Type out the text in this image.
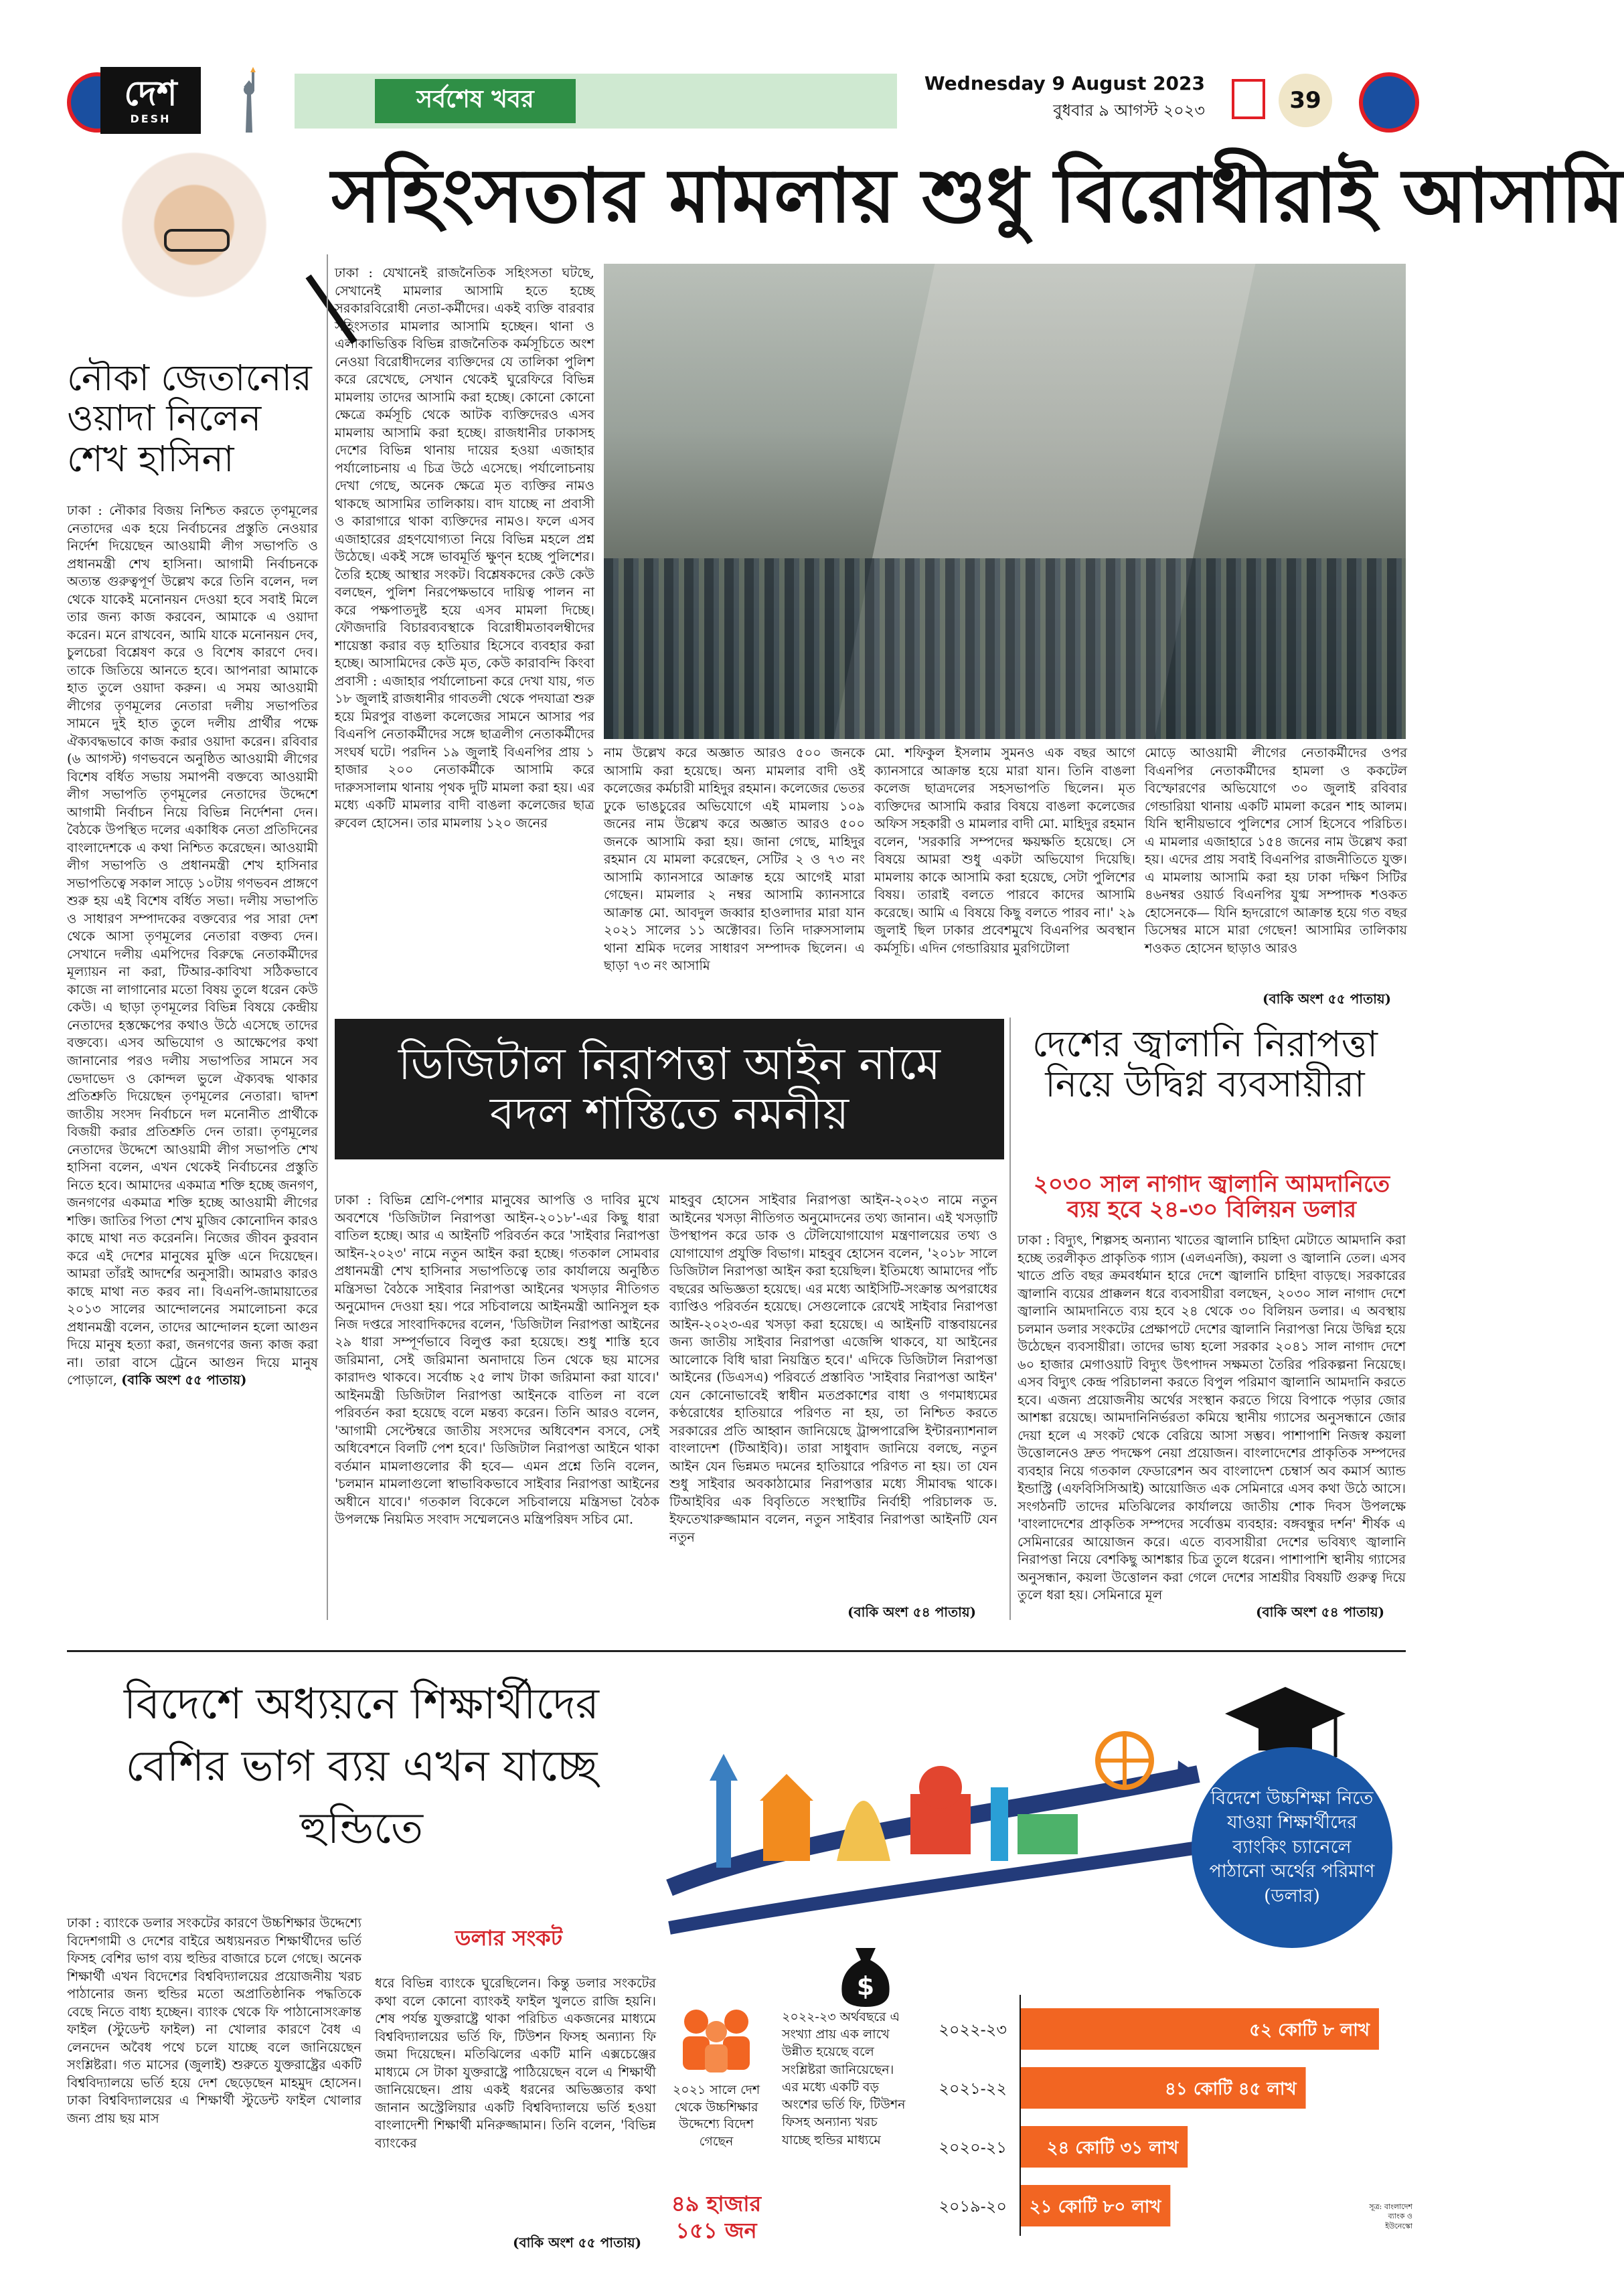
দেশ
DESH
সর্বশেষ খবর
Wednesday 9 August 2023
বুধবার ৯ আগস্ট ২০২৩	39
নৌকা জেতানোর ওয়াদা নিলেন শেখ হাসিনা
ঢাকা : নৌকার বিজয় নিশ্চিত করতে তৃণমূলের নেতাদের এক হয়ে নির্বাচনের প্রস্তুতি নেওয়ার নির্দেশ দিয়েছেন আওয়ামী লীগ সভাপতি ও প্রধানমন্ত্রী শেখ হাসিনা। আগামী নির্বাচনকে অত্যন্ত গুরুত্বপূর্ণ উল্লেখ করে তিনি বলেন, দল থেকে যাকেই মনোনয়ন দেওয়া হবে সবাই মিলে তার জন্য কাজ করবেন, আমাকে এ ওয়াদা করেন। মনে রাখবেন, আমি যাকে মনোনয়ন দেব, চুলচেরা বিশ্লেষণ করে ও বিশেষ কারণে দেব। তাকে জিতিয়ে আনতে হবে। আপনারা আমাকে হাত তুলে ওয়াদা করুন। এ সময় আওয়ামী লীগের তৃণমূলের নেতারা দলীয় সভাপতির সামনে দুই হাত তুলে দলীয় প্রার্থীর পক্ষে ঐক্যবদ্ধভাবে কাজ করার ওয়াদা করেন। রবিবার (৬ আগস্ট) গণভবনে অনুষ্ঠিত আওয়ামী লীগের বিশেষ বর্ধিত সভায় সমাপনী বক্তব্যে আওয়ামী লীগ সভাপতি তৃণমূলের নেতাদের উদ্দেশে আগামী নির্বাচন নিয়ে বিভিন্ন নির্দেশনা দেন। বৈঠকে উপস্থিত দলের একাধিক নেতা প্রতিদিনের বাংলাদেশকে এ কথা নিশ্চিত করেছেন। আওয়ামী লীগ সভাপতি ও প্রধানমন্ত্রী শেখ হাসিনার সভাপতিত্বে সকাল সাড়ে ১০টায় গণভবন প্রাঙ্গণে শুরু হয় এই বিশেষ বর্ধিত সভা। দলীয় সভাপতি ও সাধারণ সম্পাদকের বক্তব্যের পর সারা দেশ থেকে আসা তৃণমূলের নেতারা বক্তব্য দেন। সেখানে দলীয় এমপিদের বিরুদ্ধে নেতাকর্মীদের মূল্যায়ন না করা, টিআর-কাবিখা সঠিকভাবে কাজে না লাগানোর মতো বিষয় তুলে ধরেন কেউ কেউ। এ ছাড়া তৃণমূলের বিভিন্ন বিষয়ে কেন্দ্রীয় নেতাদের হস্তক্ষেপের কথাও উঠে এসেছে তাদের বক্তব্যে। এসব অভিযোগ ও আক্ষেপের কথা জানানোর পরও দলীয় সভাপতির সামনে সব ভেদাভেদ ও কোন্দল ভুলে ঐক্যবদ্ধ থাকার প্রতিশ্রুতি দিয়েছেন তৃণমূলের নেতারা। দ্বাদশ জাতীয় সংসদ নির্বাচনে দল মনোনীত প্রার্থীকে বিজয়ী করার প্রতিশ্রুতি দেন তারা। তৃণমূলের নেতাদের উদ্দেশে আওয়ামী লীগ সভাপতি শেখ হাসিনা বলেন, এখন থেকেই নির্বাচনের প্রস্তুতি নিতে হবে। আমাদের একমাত্র শক্তি হচ্ছে জনগণ, জনগণের একমাত্র শক্তি হচ্ছে আওয়ামী লীগের শক্তি। জাতির পিতা শেখ মুজিব কোনোদিন কারও কাছে মাথা নত করেননি। নিজের জীবন কুরবান করে এই দেশের মানুষের মুক্তি এনে দিয়েছেন। আমরা তাঁরই আদর্শের অনুসারী। আমরাও কারও কাছে মাথা নত করব না। বিএনপি-জামায়াতের ২০১৩ সালের আন্দোলনের সমালোচনা করে প্রধানমন্ত্রী বলেন, তাদের আন্দোলন হলো আগুন দিয়ে মানুষ হত্যা করা, জনগণের জন্য কাজ করা না। তারা বাসে ট্রেনে আগুন দিয়ে মানুষ পোড়ালে, (বাকি অংশ ৫৫ পাতায়)
সহিংসতার মামলায় শুধু বিরোধীরাই আসামি
ঢাকা : যেখানেই রাজনৈতিক সহিংসতা ঘটছে, সেখানেই মামলার আসামি হতে হচ্ছে সরকারবিরোধী নেতা-কর্মীদের। একই ব্যক্তি বারবার সহিংসতার মামলার আসামি হচ্ছেন। থানা ও এলাকাভিত্তিক বিভিন্ন রাজনৈতিক কর্মসূচিতে অংশ নেওয়া বিরোধীদলের ব্যক্তিদের যে তালিকা পুলিশ করে রেখেছে, সেখান থেকেই ঘুরেফিরে বিভিন্ন মামলায় তাদের আসামি করা হচ্ছে। কোনো কোনো ক্ষেত্রে কর্মসূচি থেকে আটক ব্যক্তিদেরও এসব মামলায় আসামি করা হচ্ছে। রাজধানীর ঢাকাসহ দেশের বিভিন্ন থানায় দায়ের হওয়া এজাহার পর্যালোচনায় এ চিত্র উঠে এসেছে। পর্যালোচনায় দেখা গেছে, অনেক ক্ষেত্রে মৃত ব্যক্তির নামও থাকছে আসামির তালিকায়। বাদ যাচ্ছে না প্রবাসী ও কারাগারে থাকা ব্যক্তিদের নামও। ফলে এসব এজাহারের গ্রহণযোগ্যতা নিয়ে বিভিন্ন মহলে প্রশ্ন উঠেছে। একই সঙ্গে ভাবমূর্তি ক্ষুণ্ন হচ্ছে পুলিশের। তৈরি হচ্ছে আস্থার সংকট। বিশ্লেষকদের কেউ কেউ বলছেন, পুলিশ নিরপেক্ষভাবে দায়িত্ব পালন না করে পক্ষপাতদুষ্ট হয়ে এসব মামলা দিচ্ছে। ফৌজদারি বিচারব্যবস্থাকে বিরোধীমতাবলম্বীদের শায়েস্তা করার বড় হাতিয়ার হিসেবে ব্যবহার করা হচ্ছে। আসামিদের কেউ মৃত, কেউ কারাবন্দি কিংবা প্রবাসী : এজাহার পর্যালোচনা করে দেখা যায়, গত ১৮ জুলাই রাজধানীর গাবতলী থেকে পদযাত্রা শুরু হয়ে মিরপুর বাঙলা কলেজের সামনে আসার পর বিএনপি নেতাকর্মীদের সঙ্গে ছাত্রলীগ নেতাকর্মীদের সংঘর্ষ ঘটে। পরদিন ১৯ জুলাই বিএনপির প্রায় ১ হাজার ২০০ নেতাকর্মীকে আসামি করে দারুসসালাম থানায় পৃথক দুটি মামলা করা হয়। এর মধ্যে একটি মামলার বাদী বাঙলা কলেজের ছাত্র রুবেল হোসেন। তার মামলায় ১২০ জনের
নাম উল্লেখ করে অজ্ঞাত আরও ৫০০ জনকে আসামি করা হয়েছে। অন্য মামলার বাদী ওই কলেজের কর্মচারী মাহিদুর রহমান। কলেজের ভেতর ঢুকে ভাঙচুরের অভিযোগে এই মামলায় ১০৯ জনের নাম উল্লেখ করে অজ্ঞাত আরও ৫০০ জনকে আসামি করা হয়। জানা গেছে, মাহিদুর রহমান যে মামলা করেছেন, সেটির ২ ও ৭৩ নং আসামি ক্যানসারে আক্রান্ত হয়ে আগেই মারা গেছেন। মামলার ২ নম্বর আসামি ক্যানসারে আক্রান্ত মো. আবদুল জব্বার হাওলাদার মারা যান ২০২১ সালের ১১ অক্টোবর। তিনি দারুসসালাম থানা শ্রমিক দলের সাধারণ সম্পাদক ছিলেন। এ ছাড়া ৭৩ নং আসামি
মো. শফিকুল ইসলাম সুমনও এক বছর আগে ক্যানসারে আক্রান্ত হয়ে মারা যান। তিনি বাঙলা কলেজ ছাত্রদলের সহসভাপতি ছিলেন। মৃত ব্যক্তিদের আসামি করার বিষয়ে বাঙলা কলেজের অফিস সহকারী ও মামলার বাদী মো. মাহিদুর রহমান বলেন, 'সরকারি সম্পদের ক্ষয়ক্ষতি হয়েছে। সে বিষয়ে আমরা শুধু একটা অভিযোগ দিয়েছি। মামলায় কাকে আসামি করা হয়েছে, সেটা পুলিশের বিষয়। তারাই বলতে পারবে কাদের আসামি করেছে। আমি এ বিষয়ে কিছু বলতে পারব না।' ২৯ জুলাই ছিল ঢাকার প্রবেশমুখে বিএনপির অবস্থান কর্মসূচি। এদিন গেন্ডারিয়ার মুরগিটোলা
মোড়ে আওয়ামী লীগের নেতাকর্মীদের ওপর বিএনপির নেতাকর্মীদের হামলা ও ককটেল বিস্ফোরণের অভিযোগে ৩০ জুলাই রবিবার গেন্ডারিয়া থানায় একটি মামলা করেন শাহ আলম। যিনি স্থানীয়ভাবে পুলিশের সোর্স হিসেবে পরিচিত। এ মামলার এজাহারে ১৫৪ জনের নাম উল্লেখ করা হয়। এদের প্রায় সবাই বিএনপির রাজনীতিতে যুক্ত। এ মামলায় আসামি করা হয় ঢাকা দক্ষিণ সিটির ৪৬নম্বর ওয়ার্ড বিএনপির যুগ্ম সম্পাদক শওকত হোসেনকে— যিনি হৃদরোগে আক্রান্ত হয়ে গত বছর ডিসেম্বর মাসে মারা গেছেন! আসামির তালিকায় শওকত হোসেন ছাড়াও আরও
(বাকি অংশ ৫৫ পাতায়)
ডিজিটাল নিরাপত্তা আইন নামে
বদল শাস্তিতে নমনীয়
ঢাকা : বিভিন্ন শ্রেণি-পেশার মানুষের আপত্তি ও দাবির মুখে অবশেষে 'ডিজিটাল নিরাপত্তা আইন-২০১৮'-এর কিছু ধারা বাতিল হচ্ছে। আর এ আইনটি পরিবর্তন করে 'সাইবার নিরাপত্তা আইন-২০২৩' নামে নতুন আইন করা হচ্ছে। গতকাল সোমবার প্রধানমন্ত্রী শেখ হাসিনার সভাপতিত্বে তার কার্যালয়ে অনুষ্ঠিত মন্ত্রিসভা বৈঠকে সাইবার নিরাপত্তা আইনের খসড়ার নীতিগত অনুমোদন দেওয়া হয়। পরে সচিবালয়ে আইনমন্ত্রী আনিসুল হক নিজ দপ্তরে সাংবাদিকদের বলেন, 'ডিজিটাল নিরাপত্তা আইনের ২৯ ধারা সম্পূর্ণভাবে বিলুপ্ত করা হয়েছে। শুধু শাস্তি হবে জরিমানা, সেই জরিমানা অনাদায়ে তিন থেকে ছয় মাসের কারাদণ্ড থাকবে। সর্বোচ্চ ২৫ লাখ টাকা জরিমানা করা যাবে।' আইনমন্ত্রী ডিজিটাল নিরাপত্তা আইনকে বাতিল না বলে পরিবর্তন করা হয়েছে বলে মন্তব্য করেন। তিনি আরও বলেন, 'আগামী সেপ্টেম্বরে জাতীয় সংসদের অধিবেশন বসবে, সেই অধিবেশনে বিলটি পেশ হবে।' ডিজিটাল নিরাপত্তা আইনে থাকা বর্তমান মামলাগুলোর কী হবে— এমন প্রশ্নে তিনি বলেন, 'চলমান মামলাগুলো স্বাভাবিকভাবে সাইবার নিরাপত্তা আইনের অধীনে যাবে।' গতকাল বিকেলে সচিবালয়ে মন্ত্রিসভা বৈঠক উপলক্ষে নিয়মিত সংবাদ সম্মেলনেও মন্ত্রিপরিষদ সচিব মো.
মাহবুব হোসেন সাইবার নিরাপত্তা আইন-২০২৩ নামে নতুন আইনের খসড়া নীতিগত অনুমোদনের তথ্য জানান। এই খসড়াটি উপস্থাপন করে ডাক ও টেলিযোগাযোগ মন্ত্রণালয়ের তথ্য ও যোগাযোগ প্রযুক্তি বিভাগ। মাহবুব হোসেন বলেন, '২০১৮ সালে ডিজিটাল নিরাপত্তা আইন করা হয়েছিল। ইতিমধ্যে আমাদের পাঁচ বছরের অভিজ্ঞতা হয়েছে। এর মধ্যে আইসিটি-সংক্রান্ত অপরাধের ব্যাপ্তিও পরিবর্তন হয়েছে। সেগুলোকে রেখেই সাইবার নিরাপত্তা আইন-২০২৩-এর খসড়া করা হয়েছে। এ আইনটি বাস্তবায়নের জন্য জাতীয় সাইবার নিরাপত্তা এজেন্সি থাকবে, যা আইনের আলোকে বিধি দ্বারা নিয়ন্ত্রিত হবে।' এদিকে ডিজিটাল নিরাপত্তা আইনের (ডিএসএ) পরিবর্তে প্রস্তাবিত 'সাইবার নিরাপত্তা আইন' যেন কোনোভাবেই স্বাধীন মতপ্রকাশের বাধা ও গণমাধ্যমের কণ্ঠরোধের হাতিয়ারে পরিণত না হয়, তা নিশ্চিত করতে সরকারের প্রতি আহ্বান জানিয়েছে ট্রান্সপারেন্সি ইন্টারন্যাশনাল বাংলাদেশ (টিআইবি)। তারা সাধুবাদ জানিয়ে বলছে, নতুন আইন যেন ভিন্নমত দমনের হাতিয়ারে পরিণত না হয়। তা যেন শুধু সাইবার অবকাঠামোর নিরাপত্তার মধ্যে সীমাবদ্ধ থাকে। টিআইবির এক বিবৃতিতে সংস্থাটির নির্বাহী পরিচালক ড. ইফতেখারুজ্জামান বলেন, নতুন সাইবার নিরাপত্তা আইনটি যেন নতুন
(বাকি অংশ ৫৪ পাতায়)
দেশের জ্বালানি নিরাপত্তা নিয়ে উদ্বিগ্ন ব্যবসায়ীরা
২০৩০ সাল নাগাদ জ্বালানি আমদানিতে ব্যয় হবে ২৪-৩০ বিলিয়ন ডলার
ঢাকা : বিদ্যুৎ, শিল্পসহ অন্যান্য খাতের জ্বালানি চাহিদা মেটাতে আমদানি করা হচ্ছে তরলীকৃত প্রাকৃতিক গ্যাস (এলএনজি), কয়লা ও জ্বালানি তেল। এসব খাতে প্রতি বছর ক্রমবর্ধমান হারে দেশে জ্বালানি চাহিদা বাড়ছে। সরকারের জ্বালানি ব্যয়ের প্রাক্কলন ধরে ব্যবসায়ীরা বলছেন, ২০৩০ সাল নাগাদ দেশে জ্বালানি আমদানিতে ব্যয় হবে ২৪ থেকে ৩০ বিলিয়ন ডলার। এ অবস্থায় চলমান ডলার সংকটের প্রেক্ষাপটে দেশের জ্বালানি নিরাপত্তা নিয়ে উদ্বিগ্ন হয়ে উঠেছেন ব্যবসায়ীরা। তাদের ভাষ্য হলো সরকার ২০৪১ সাল নাগাদ দেশে ৬০ হাজার মেগাওয়াট বিদ্যুৎ উৎপাদন সক্ষমতা তৈরির পরিকল্পনা নিয়েছে। এসব বিদ্যুৎ কেন্দ্র পরিচালনা করতে বিপুল পরিমাণ জ্বালানি আমদানি করতে হবে। এজন্য প্রয়োজনীয় অর্থের সংস্থান করতে গিয়ে বিপাকে পড়ার জোর আশঙ্কা রয়েছে। আমদানিনির্ভরতা কমিয়ে স্থানীয় গ্যাসের অনুসন্ধানে জোর দেয়া হলে এ সংকট থেকে বেরিয়ে আসা সম্ভব। পাশাপাশি নিজস্ব কয়লা উত্তোলনেও দ্রুত পদক্ষেপ নেয়া প্রয়োজন। বাংলাদেশের প্রাকৃতিক সম্পদের ব্যবহার নিয়ে গতকাল ফেডারেশন অব বাংলাদেশ চেম্বার্স অব কমার্স অ্যান্ড ইন্ডাস্ট্রি (এফবিসিসিআই) আয়োজিত এক সেমিনারে এসব কথা উঠে আসে। সংগঠনটি তাদের মতিঝিলের কার্যালয়ে জাতীয় শোক দিবস উপলক্ষে 'বাংলাদেশের প্রাকৃতিক সম্পদের সর্বোত্তম ব্যবহার: বঙ্গবন্ধুর দর্শন' শীর্ষক এ সেমিনারের আয়োজন করে। এতে ব্যবসায়ীরা দেশের ভবিষ্যৎ জ্বালানি নিরাপত্তা নিয়ে বেশকিছু আশঙ্কার চিত্র তুলে ধরেন। পাশাপাশি স্থানীয় গ্যাসের অনুসন্ধান, কয়লা উত্তোলন করা গেলে দেশের সাশ্রয়ীর বিষয়টি গুরুত্ব দিয়ে তুলে ধরা হয়। সেমিনারে মূল
(বাকি অংশ ৫৪ পাতায়)
বিদেশে অধ্যয়নে শিক্ষার্থীদের বেশির ভাগ ব্যয় এখন যাচ্ছে হুন্ডিতে
ঢাকা : ব্যাংকে ডলার সংকটের কারণে উচ্চশিক্ষার উদ্দেশ্যে বিদেশগামী ও দেশের বাইরে অধ্যয়নরত শিক্ষার্থীদের ভর্তি ফিসহ বেশির ভাগ ব্যয় হুন্ডির বাজারে চলে গেছে। অনেক শিক্ষার্থী এখন বিদেশের বিশ্ববিদ্যালয়ের প্রয়োজনীয় খরচ পাঠানোর জন্য হুন্ডির মতো অপ্রাতিষ্ঠানিক পদ্ধতিকে বেছে নিতে বাধ্য হচ্ছেন। ব্যাংক থেকে ফি পাঠানোসংক্রান্ত ফাইল (স্টুডেন্ট ফাইল) না খোলার কারণে বৈধ এ লেনদেন অবৈধ পথে চলে যাচ্ছে বলে জানিয়েছেন সংশ্লিষ্টরা। গত মাসের (জুলাই) শুরুতে যুক্তরাষ্ট্রের একটি বিশ্ববিদ্যালয়ে ভর্তি হয়ে দেশ ছেড়েছেন মাহমুদ হোসেন। ঢাকা বিশ্ববিদ্যালয়ের এ শিক্ষার্থী স্টুডেন্ট ফাইল খোলার জন্য প্রায় ছয় মাস
ডলার সংকট
ধরে বিভিন্ন ব্যাংকে ঘুরেছিলেন। কিন্তু ডলার সংকটের কথা বলে কোনো ব্যাংকই ফাইল খুলতে রাজি হয়নি। শেষ পর্যন্ত যুক্তরাষ্ট্রে থাকা পরিচিত একজনের মাধ্যমে বিশ্ববিদ্যালয়ের ভর্তি ফি, টিউশন ফিসহ অন্যান্য ফি জমা দিয়েছেন। মতিঝিলের একটি মানি এক্সচেঞ্জের মাধ্যমে সে টাকা যুক্তরাষ্ট্রে পাঠিয়েছেন বলে এ শিক্ষার্থী জানিয়েছেন। প্রায় একই ধরনের অভিজ্ঞতার কথা জানান অস্ট্রেলিয়ার একটি বিশ্ববিদ্যালয়ে ভর্তি হওয়া বাংলাদেশী শিক্ষার্থী মনিরুজ্জামান। তিনি বলেন, 'বিভিন্ন ব্যাংকের
(বাকি অংশ ৫৫ পাতায়)
বিদেশে উচ্চশিক্ষা নিতে যাওয়া শিক্ষার্থীদের ব্যাংকিং চ্যানেলে পাঠানো অর্থের পরিমাণ (ডলার)
$
২০২১ সালে দেশ থেকে উচ্চশিক্ষার উদ্দেশ্যে বিদেশ গেছেন
৪৯ হাজার ১৫১ জন
২০২২-২৩ অর্থবছরে এ সংখ্যা প্রায় এক লাখে উন্নীত হয়েছে বলে সংশ্লিষ্টরা জানিয়েছেন। এর মধ্যে একটি বড় অংশের ভর্তি ফি, টিউশন ফিসহ অন্যান্য খরচ যাচ্ছে হুন্ডির মাধ্যমে
২০২২-২৩	৫২ কোটি ৮ লাখ
২০২১-২২	৪১ কোটি ৪৫ লাখ
২০২০-২১ ২৪ কোটি ৩১ লাখ
২০১৯-২০ ২১ কোটি ৮০ লাখ	সূত্র: বাংলাদেশ ব্যাংক ও ইউনেস্কো
